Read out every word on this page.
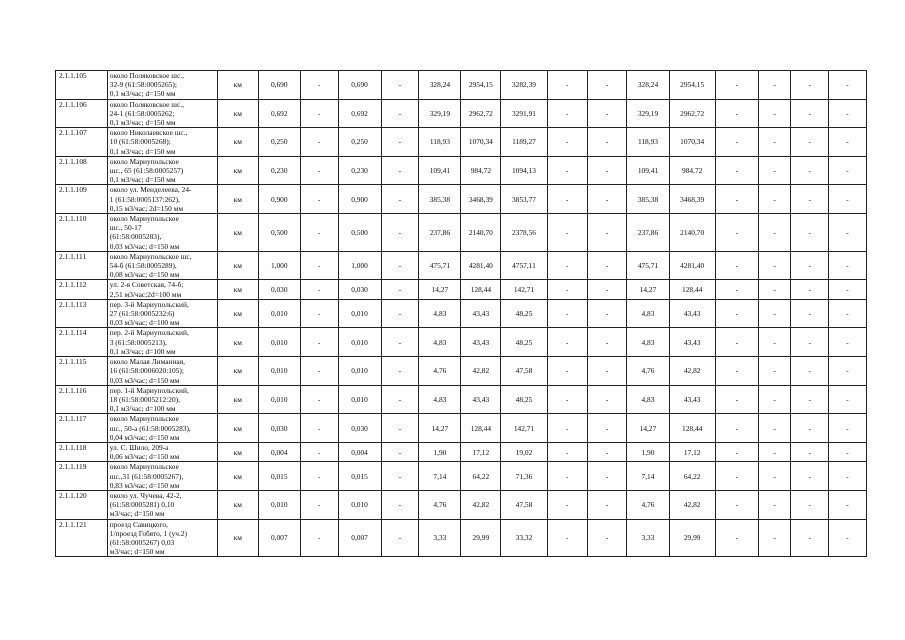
2.1.1.105	около Поляковское шс.,
32-9 (61:58:0005265);
0,1 м3/час; d=150 мм	км	0,690	-	0,690	-	328,24	2954,15	3282,39	-	-	328,24	2954,15	-	-	-	-
2.1.1.106	около Поляковское шс.,
24-1 (61:58:0005262;
0,1 м3/час; d=150 мм	км	0,692	-	0,692	-	329,19	2962,72	3291,91	-	-	329,19	2962,72	-	-	-	-
2.1.1.107	около Николаевское шс.,
10 (61:58:0005268);
0,1 м3/час; d=150 мм	км	0,250	-	0,250	-	118,93	1070,34	1189,27	-	-	118,93	1070,34	-	-	-	-
2.1.1.108	около Мариупольское
шс., 65 (61:58:0005257)
0,1 м3/час; d=150 мм	км	0,230	-	0,230	-	109,41	984,72	1094,13	-	-	109,41	984,72	-	-	-	-
2.1.1.109	около ул. Менделеева, 24-
1 (61:58:0005137:262),
0,15 м3/час; 2d=150 мм	км	0,900	-	0,900	-	385,38	3468,39	3853,77	-	-	385,38	3468,39	-	-	-	-
2.1.1.110	около Мариупольское
шс., 50-17
(61:58:0005283),
0,03 м3/час; d=150 мм	км	0,500	-	0,500	-	237,86	2140,70	2378,56	-	-	237,86	2140,70	-	-	-	-
2.1.1.111	около Мариупольское шс,
54-б (61:58:0005289),
0,08 м3/час; d=150 мм	км	1,000	-	1,000	-	475,71	4281,40	4757,11	-	-	475,71	4281,40	-	-	-	-
2.1.1.112	ул. 2-я Советская, 74-б;
2,51 м3/час;2d=100 мм	км	0,030	-	0,030	-	14,27	128,44	142,71	-	-	14,27	128,44	-	-	-	-
2.1.1.113	пер. 3-й Мариупольский,
27 (61:58:0005232:6)
0,03 м3/час; d=100 мм	км	0,010	-	0,010	-	4,83	43,43	48,25	-	-	4,83	43,43	-	-	-	-
2.1.1.114	пер. 2-й Мариупольский,
3 (61:58:0005213),
0,1 м3/час; d=100 мм	км	0,010	-	0,010	-	4,83	43,43	48,25	-	-	4,83	43,43	-	-	-	-
2.1.1.115	около Малая Лиманная,
16 (61:58:0006020:105);
0,03 м3/час; d=150 мм	км	0,010	-	0,010	-	4,76	42,82	47,58	-	-	4,76	42,82	-	-	-	-
2.1.1.116	пер. 1-й Мариупольский,
18 (61:58:0005212:20),
0,1 м3/час; d=100 мм	км	0,010	-	0,010	-	4,83	43,43	48,25	-	-	4,83	43,43	-	-	-	-
2.1.1.117	около Мариупольское
шс., 50-а (61:58:0005283),
0,04 м3/час; d=150 мм	км	0,030	-	0,030	-	14,27	128,44	142,71	-	-	14,27	128,44	-	-	-	-
2.1.1.118	ул. С. Шило, 209-а
0,06 м3/час; d=150 мм	км	0,004	-	0,004	-	1,90	17,12	19,02	-	-	1,90	17,12	-	-	-	-
2.1.1.119	около Мариупольское
шс.,31 (61:58:0005267),
0,83 м3/час; d=150 мм	км	0,015	-	0,015	-	7,14	64,22	71,36	-	-	7,14	64,22	-	-	-	-
2.1.1.120	около ул. Чучева, 42-2,
(61:58:0005281) 0,10
м3/час; d=150 мм	км	0,010	-	0,010	-	4,76	42,82	47,58	-	-	4,76	42,82	-	-	-	-
2.1.1.121	проезд Савицкого,
1/проезд Гобято, 1 (уч.2)
(61:58:0005267) 0,03
м3/час; d=150 мм	км	0,007	-	0,007	-	3,33	29,99	33,32	-	-	3,33	29,99	-	-	-	-
